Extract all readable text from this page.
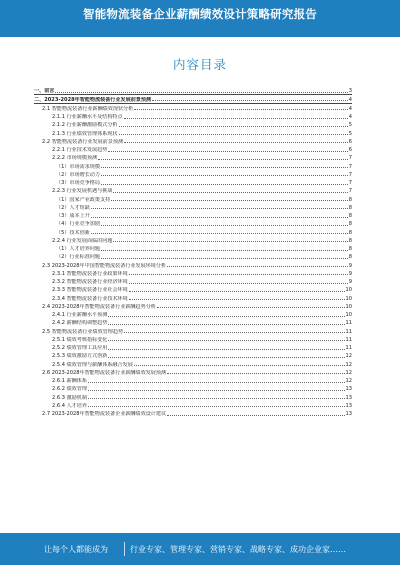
智能物流装备企业薪酬绩效设计策略研究报告
内容目录
一、前言	3
二、2023-2028年智能物流装备行业发展前景预测	4
2.1 智能物流装备行业薪酬绩效现状分析	4
2.1.1 行业薪酬水平及结构特点	4
2.1.2 行业薪酬激励模式分析	5
2.1.3 行业绩效管理体系现状	5
2.2 智能物流装备行业发展前景预测	6
2.2.1 行业技术发展趋势	6
2.2.2 市场规模预测	7
（1）市场需求规模	7
（2）市场增长动力	7
（3）市场竞争格局	7
2.2.3 行业发展机遇与挑战	7
（1）国家产业政策支持	8
（2）人才短缺	8
（3）成本上升	8
（4）行业竞争加剧	8
（5）技术创新	8
2.2.4 行业发展面临的问题	8
（1）人才培养问题	8
（2）行业标准问题	8
2.3 2023-2028年中国智能物流装备行业发展环境分析	9
2.3.1 智能物流装备行业政策环境	9
2.3.2 智能物流装备行业经济环境	9
2.3.3 智能物流装备行业社会环境	10
2.3.4 智能物流装备行业技术环境	10
2.4 2023-2028年智能物流装备行业薪酬趋势分析	10
2.4.1 行业薪酬水平预测	10
2.4.2 薪酬结构调整趋势	11
2.5 智能物流装备行业绩效管理趋势	11
2.5.1 绩效考核指标变化	11
2.5.2 绩效管理工具应用	11
2.5.3 绩效激励方式创新	12
2.5.4 绩效管理与薪酬体系融合发展	12
2.6 2023-2028年智能物流装备行业薪酬绩效发展预测	12
2.6.1 薪酬体系	12
2.6.2 绩效管理	13
2.6.3 激励机制	13
2.6.4 人才培养	13
2.7 2023-2028年智能物流装备企业薪酬绩效设计建议	13
让每个人都能成为	行业专家、管理专家、营销专家、战略专家、成功企业家……
